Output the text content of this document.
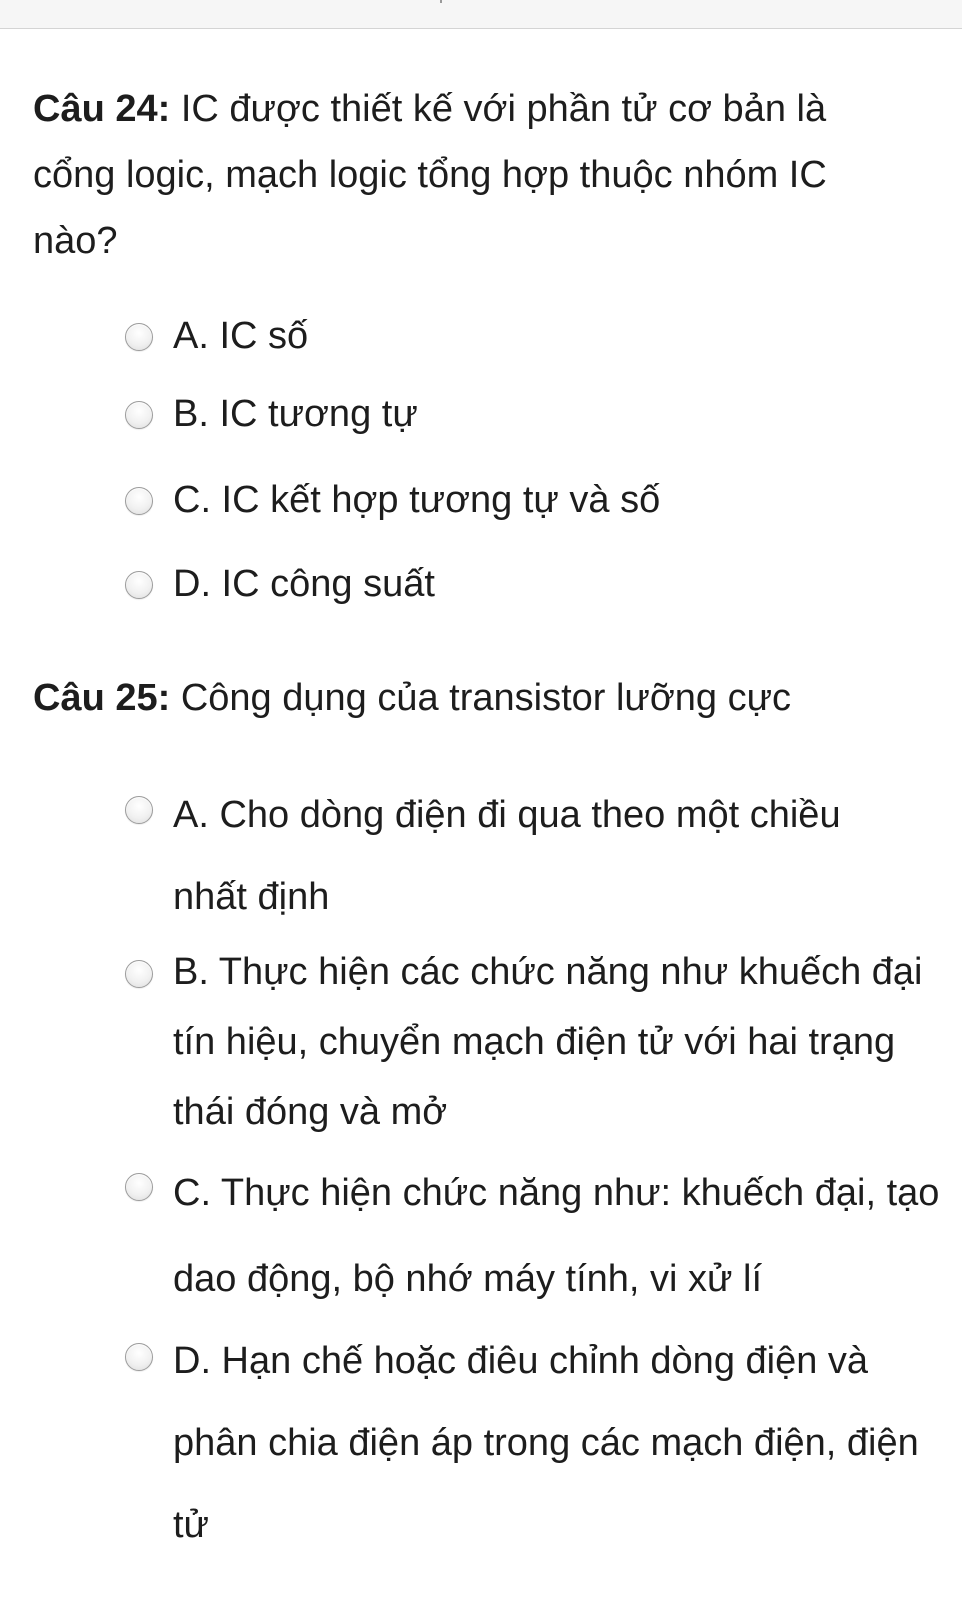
Câu 24: IC được thiết kế với phần tử cơ bản là cổng logic, mạch logic tổng hợp thuộc nhóm IC nào?
A. IC số
B. IC tương tự
C. IC kết hợp tương tự và số
D. IC công suất
Câu 25: Công dụng của transistor lưỡng cực
A. Cho dòng điện đi qua theo một chiều nhất định
B. Thực hiện các chức năng như khuếch đại tín hiệu, chuyển mạch điện tử với hai trạng thái đóng và mở
C. Thực hiện chức năng như: khuếch đại, tạo dao động, bộ nhớ máy tính, vi xử lí
D. Hạn chế hoặc điêu chỉnh dòng điện và phân chia điện áp trong các mạch điện, điện tử
